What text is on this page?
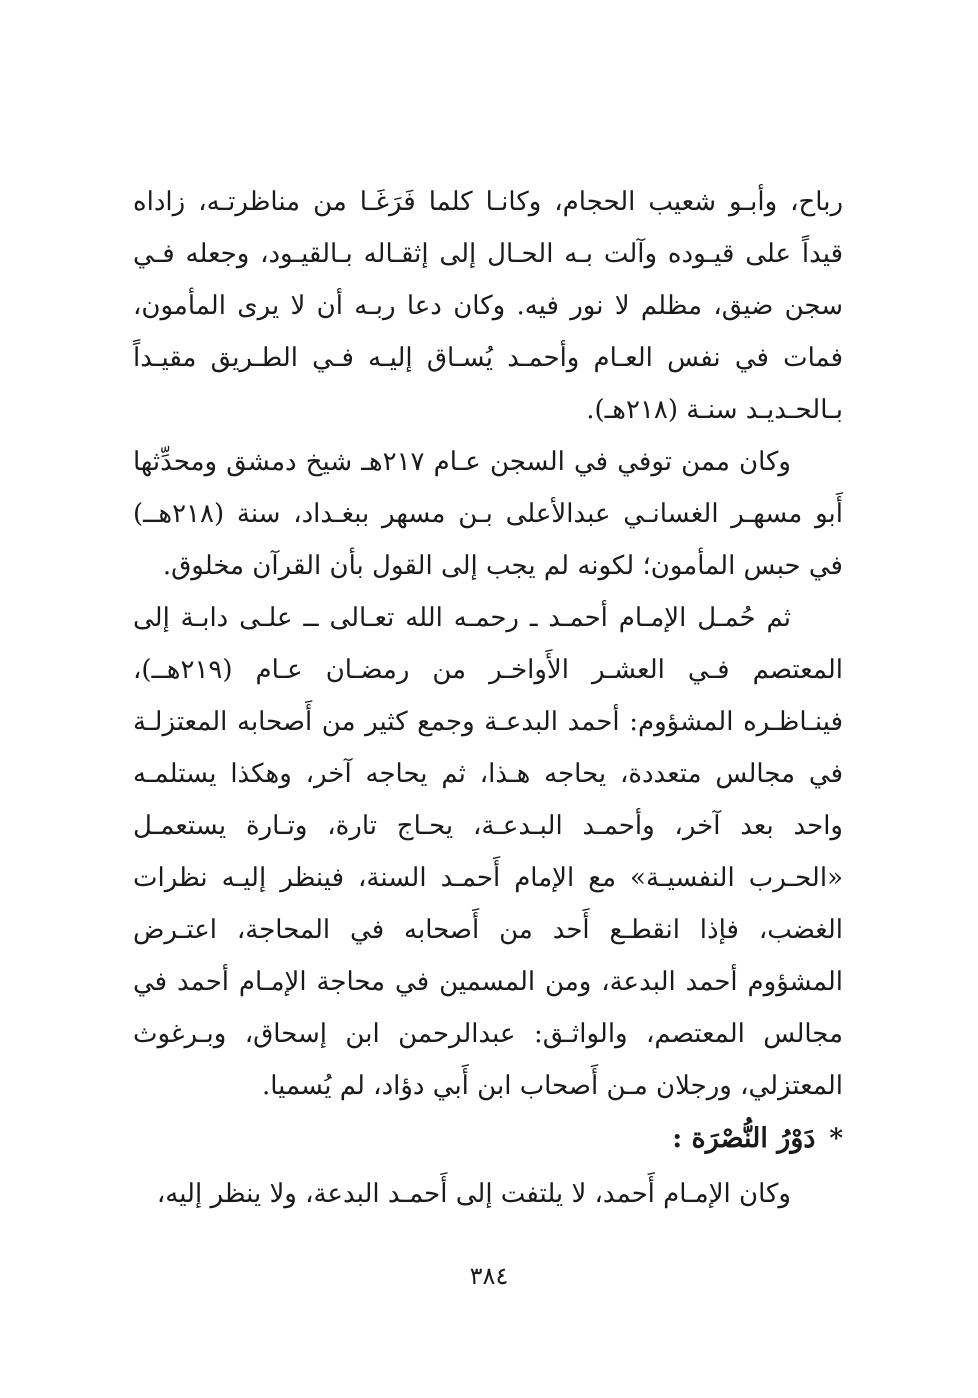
رباح، وأبـو شعيب الحجام، وكانـا كلما فَرَغَـا من مناظرتـه، زاداه قيداً على قيـوده وآلت بـه الحـال إلى إثقـاله بـالقيـود، وجعله فـي سجن ضيق، مظلم لا نور فيه. وكان دعا ربـه أن لا يرى المأمون، فمات في نفس العـام وأحمـد يُسـاق إليـه فـي الطـريق مقيـداً بـالحـديـد سنـة (٢١٨هـ).

وكان ممن توفي في السجن عـام ٢١٧هـ شيخ دمشق ومحدِّثها أَبو مسهـر الغسانـي عبدالأعلى بـن مسهر ببغـداد، سنة (٢١٨هــ) في حبس المأمون؛ لكونه لم يجب إلى القول بأن القرآن مخلوق.

ثم حُمـل الإمـام أحمـد ـ رحمـه الله تعـالى ــ علـى دابـة إلى المعتصم فـي العشـر الأَواخـر من رمضـان عـام (٢١٩هــ)، فينـاظـره المشؤوم: أحمد البدعـة وجمع كثير من أَصحابه المعتزلـة في مجالس متعددة، يحاجه هـذا، ثم يحاجه آخر، وهكذا يستلمـه واحد بعد آخر، وأحمـد البـدعـة، يحـاج تارة، وتـارة يستعمـل «الحـرب النفسيـة» مع الإمام أَحمـد السنة، فينظر إليـه نظرات الغضب، فإذا انقطـع أَحد من أَصحابه في المحاجة، اعتـرض المشؤوم أحمد البدعة، ومن المسمين في محاجة الإمـام أحمد في مجالس المعتصم، والواثـق: عبدالرحمن ابن إسحاق، وبـرغوث المعتزلي، ورجلان مـن أَصحاب ابن أَبي دؤاد، لم يُسميا.

*
دَوْرُ النُّصْرَة :

وكان الإمـام أَحمد، لا يلتفت إلى أَحمـد البدعة، ولا ينظر إليه،

٣٨٤
